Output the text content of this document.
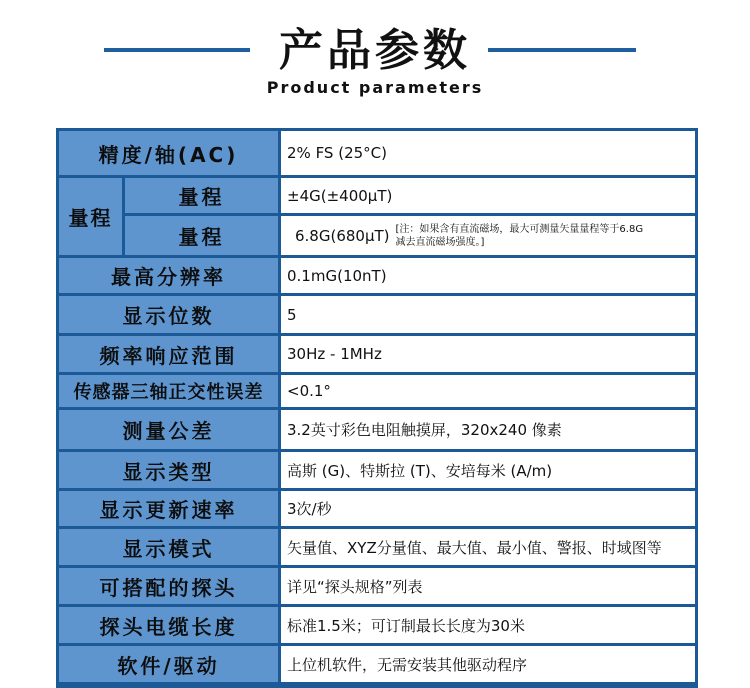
产品参数
Product parameters
精度/轴(AC)	2% FS (25°C)
量程
量程	±4G(±400μT)
量程	6.8G(680μT) [注：如果含有直流磁场，最大可测量矢量量程等于6.8G减去直流磁场强度。]
最高分辨率	0.1mG(10nT)
显示位数	5
频率响应范围	30Hz - 1MHz
传感器三轴正交性误差	<0.1°
测量公差	3.2英寸彩色电阻触摸屏，320x240 像素
显示类型	高斯 (G)、特斯拉 (T)、安培每米 (A/m)
显示更新速率	3次/秒
显示模式	矢量值、XYZ分量值、最大值、最小值、警报、时域图等
可搭配的探头	详见“探头规格”列表
探头电缆长度	标准1.5米；可订制最长长度为30米
软件/驱动	上位机软件，无需安装其他驱动程序
